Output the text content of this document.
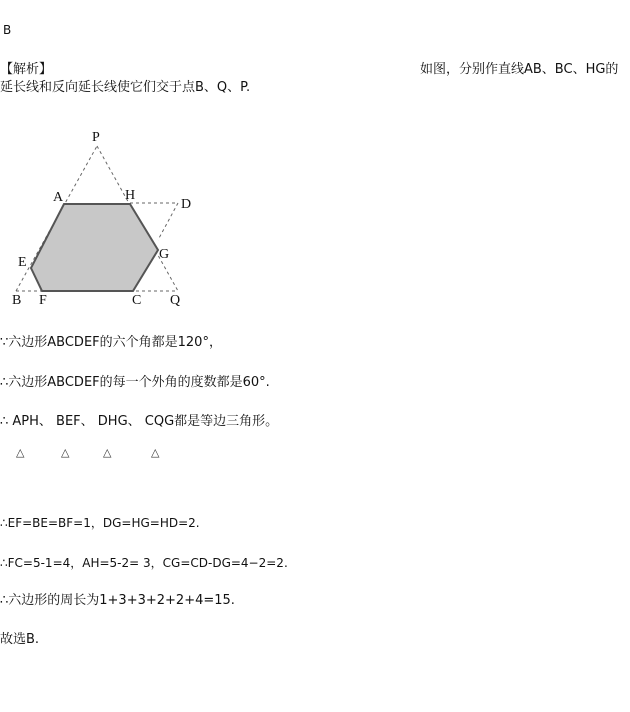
B
【解析】	如图，分别作直线AB、BC、HG的
延长线和反向延长线使它们交于点B、Q、P.
P
A	H
D
E
G
B F	C Q
∵六边形ABCDEF的六个角都是120°，
∴六边形ABCDEF的每一个外角的度数都是60°.
∴ APH、 BEF、 DHG、 CQG都是等边三角形。
△	△	△	△
∴EF=BE=BF=1，DG=HG=HD=2.
∴FC=5-1=4，AH=5-2= 3，CG=CD-DG=4−2=2.
∴六边形的周长为1+3+3+2+2+4=15.
故选B.
